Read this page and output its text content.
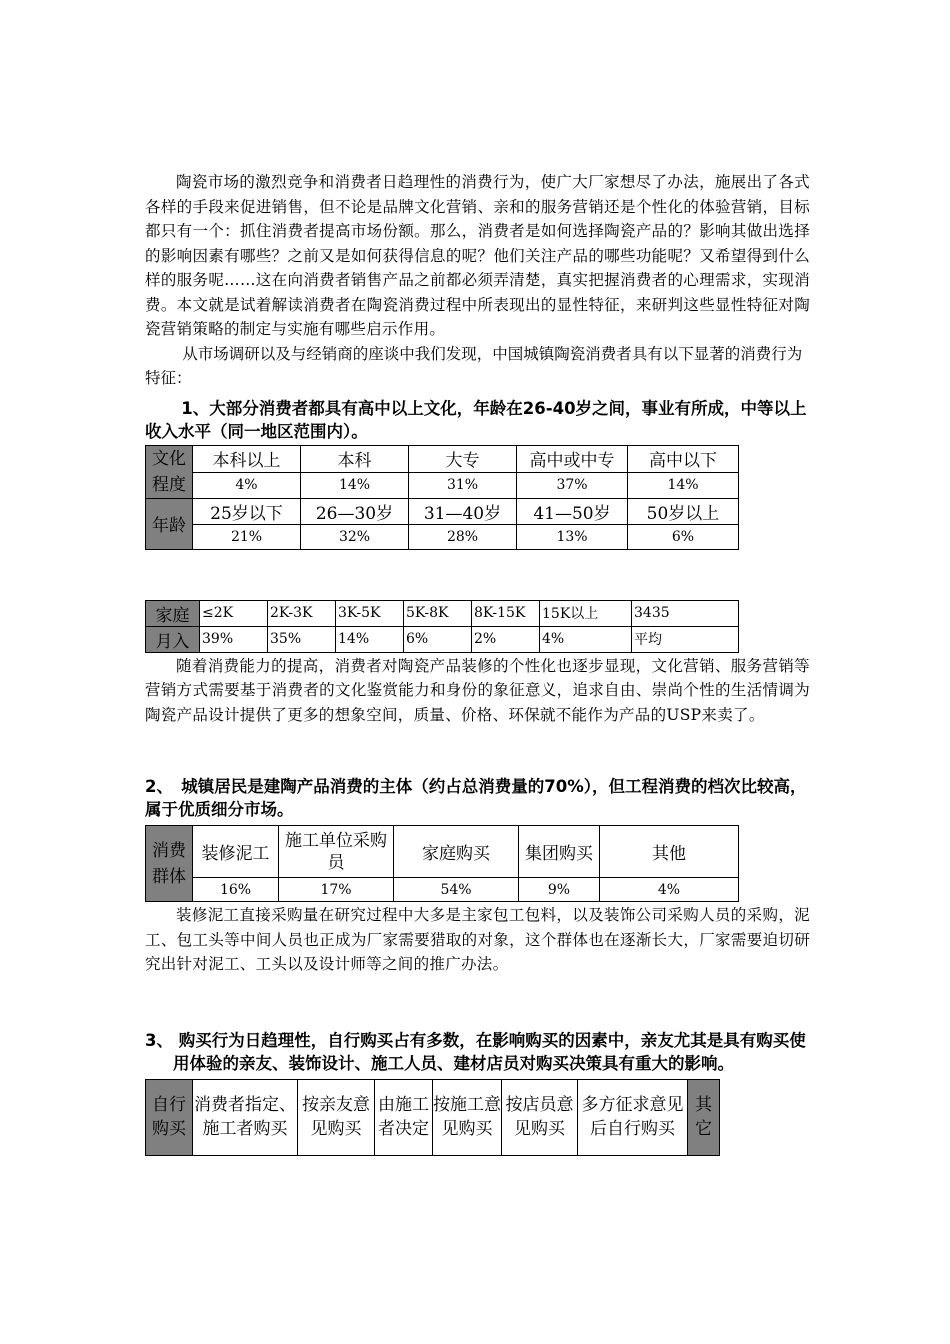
陶瓷市场的激烈竞争和消费者日趋理性的消费行为，使广大厂家想尽了办法，施展出了各式各样的手段来促进销售，但不论是品牌文化营销、亲和的服务营销还是个性化的体验营销，目标都只有一个：抓住消费者提高市场份额。那么，消费者是如何选择陶瓷产品的？影响其做出选择的影响因素有哪些？之前又是如何获得信息的呢？他们关注产品的哪些功能呢？又希望得到什么样的服务呢……这在向消费者销售产品之前都必须弄清楚，真实把握消费者的心理需求，实现消费。本文就是试着解读消费者在陶瓷消费过程中所表现出的显性特征，来研判这些显性特征对陶瓷营销策略的制定与实施有哪些启示作用。

从市场调研以及与经销商的座谈中我们发现，中国城镇陶瓷消费者具有以下显著的消费行为特征：

1、大部分消费者都具有高中以上文化，年龄在26-40岁之间，事业有所成，中等以上收入水平（同一地区范围内）。

文化程度	本科以上	本科	大专	高中或中专	高中以下
	4%	14%	31%	37%	14%
年龄	25岁以下	26—30岁	31—40岁	41—50岁	50岁以上
	21%	32%	28%	13%	6%
家庭	≤2K	2K-3K	3K-5K	5K-8K	8K-15K	15K以上	3435
月入	39%	35%	14%	6%	2%	4%	平均

随着消费能力的提高，消费者对陶瓷产品装修的个性化也逐步显现，文化营销、服务营销等营销方式需要基于消费者的文化鉴赏能力和身份的象征意义，追求自由、崇尚个性的生活情调为陶瓷产品设计提供了更多的想象空间，质量、价格、环保就不能作为产品的USP来卖了。

2、　城镇居民是建陶产品消费的主体（约占总消费量的70%），但工程消费的档次比较高，属于优质细分市场。

消费群体	装修泥工	施工单位采购员	家庭购买	集团购买	其他
	16%	17%	54%	9%	4%

装修泥工直接采购量在研究过程中大多是主家包工包料，以及装饰公司采购人员的采购，泥工、包工头等中间人员也正成为厂家需要猎取的对象，这个群体也在逐渐长大，厂家需要迫切研究出针对泥工、工头以及设计师等之间的推广办法。

3、 购买行为日趋理性，自行购买占有多数，在影响购买的因素中，亲友尤其是具有购买使用体验的亲友、装饰设计、施工人员、建材店员对购买决策具有重大的影响。

自行购买	消费者指定、施工者购买	按亲友意见购买	由施工者决定	按施工意见购买	按店员意见购买	多方征求意见后自行购买	其它
